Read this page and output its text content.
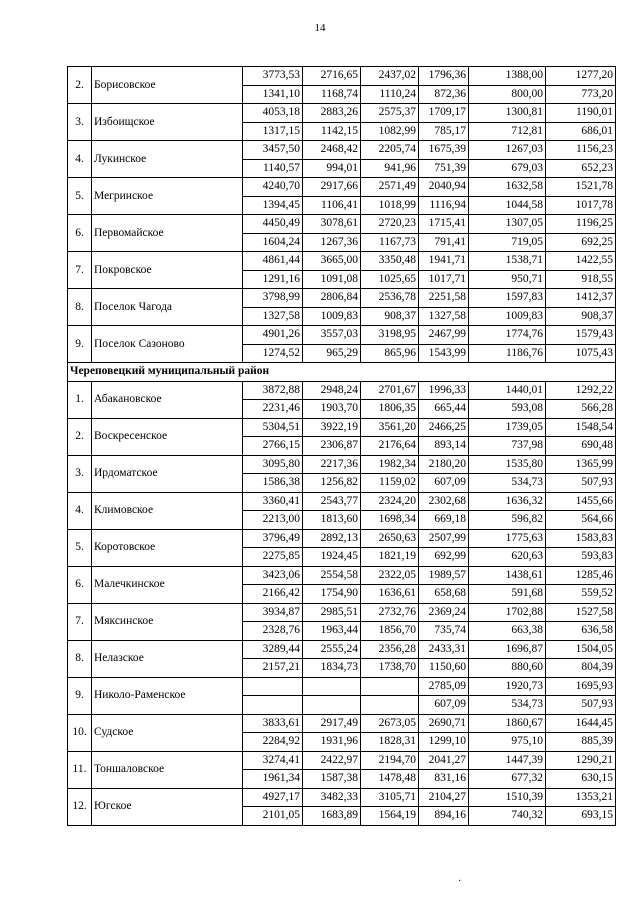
14
2.	Борисовское	3773,53	2716,65	2437,02	1796,36	1388,00	1277,20
		1341,10	1168,74	1110,24	872,36	800,00	773,20
3.	Избоищское	4053,18	2883,26	2575,37	1709,17	1300,81	1190,01
		1317,15	1142,15	1082,99	785,17	712,81	686,01
4.	Лукинское	3457,50	2468,42	2205,74	1675,39	1267,03	1156,23
		1140,57	994,01	941,96	751,39	679,03	652,23
5.	Мегринское	4240,70	2917,66	2571,49	2040,94	1632,58	1521,78
		1394,45	1106,41	1018,99	1116,94	1044,58	1017,78
6.	Первомайское	4450,49	3078,61	2720,23	1715,41	1307,05	1196,25
		1604,24	1267,36	1167,73	791,41	719,05	692,25
7.	Покровское	4861,44	3665,00	3350,48	1941,71	1538,71	1422,55
		1291,16	1091,08	1025,65	1017,71	950,71	918,55
8.	Поселок Чагода	3798,99	2806,84	2536,78	2251,58	1597,83	1412,37
		1327,58	1009,83	908,37	1327,58	1009,83	908,37
9.	Поселок Сазоново	4901,26	3557,03	3198,95	2467,99	1774,76	1579,43
		1274,52	965,29	865,96	1543,99	1186,76	1075,43
Череповецкий муниципальный район							
1.	Абакановское	3872,88	2948,24	2701,67	1996,33	1440,01	1292,22
		2231,46	1903,70	1806,35	665,44	593,08	566,28
2.	Воскресенское	5304,51	3922,19	3561,20	2466,25	1739,05	1548,54
		2766,15	2306,87	2176,64	893,14	737,98	690,48
3.	Ирдоматское	3095,80	2217,36	1982,34	2180,20	1535,80	1365,99
		1586,38	1256,82	1159,02	607,09	534,73	507,93
4.	Климовское	3360,41	2543,77	2324,20	2302,68	1636,32	1455,66
		2213,00	1813,60	1698,34	669,18	596,82	564,66
5.	Коротовское	3796,49	2892,13	2650,63	2507,99	1775,63	1583,83
		2275,85	1924,45	1821,19	692,99	620,63	593,83
6.	Малечкинское	3423,06	2554,58	2322,05	1989,57	1438,61	1285,46
		2166,42	1754,90	1636,61	658,68	591,68	559,52
7.	Мяксинское	3934,87	2985,51	2732,76	2369,24	1702,88	1527,58
		2328,76	1963,44	1856,70	735,74	663,38	636,58
8.	Нелазское	3289,44	2555,24	2356,28	2433,31	1696,87	1504,05
		2157,21	1834,73	1738,70	1150,60	880,60	804,39
9.	Николо-Раменское				2785,09	1920,73	1695,93
					607,09	534,73	507,93
10.	Судское	3833,61	2917,49	2673,05	2690,71	1860,67	1644,45
		2284,92	1931,96	1828,31	1299,10	975,10	885,39
11.	Тоншаловское	3274,41	2422,97	2194,70	2041,27	1447,39	1290,21
		1961,34	1587,38	1478,48	831,16	677,32	630,15
12.	Югское	4927,17	3482,33	3105,71	2104,27	1510,39	1353,21
		2101,05	1683,89	1564,19	894,16	740,32	693,15
·
